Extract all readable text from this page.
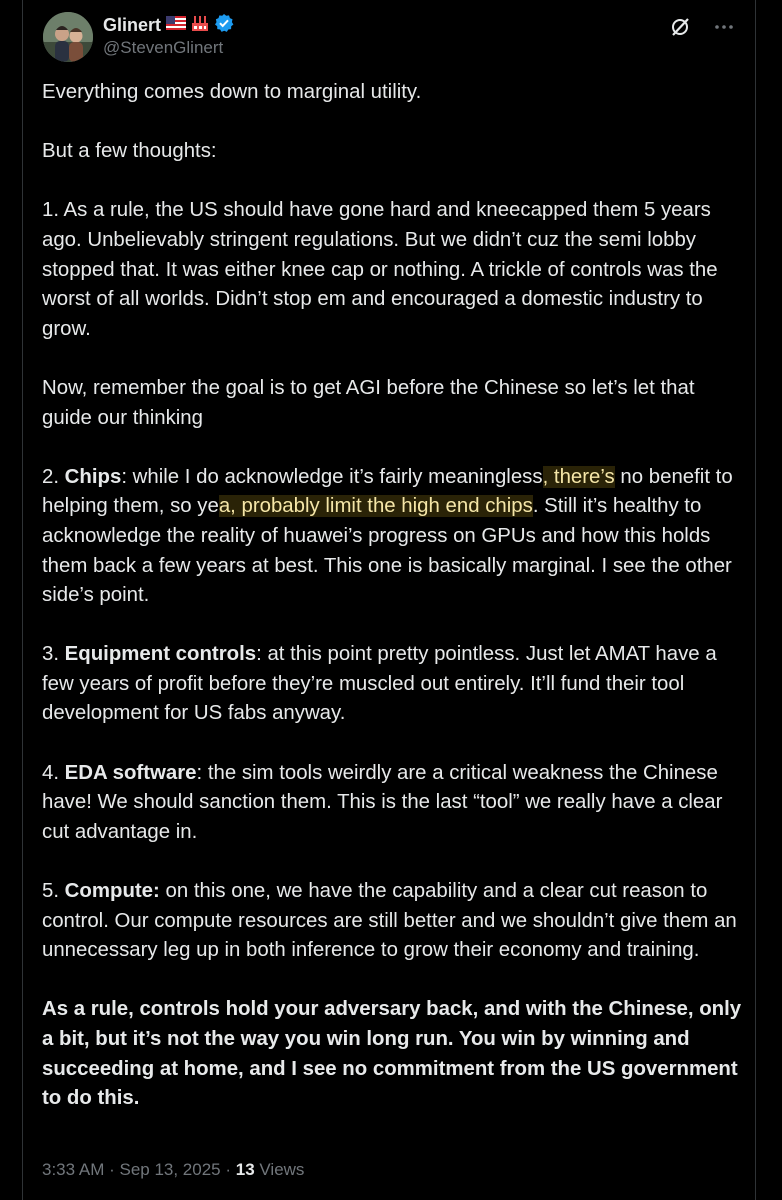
Glinert
@StevenGlinert

Everything comes down to marginal utility.

But a few thoughts:

1. As a rule, the US should have gone hard and kneecapped them 5 years ago. Unbelievably stringent regulations. But we didn’t cuz the semi lobby stopped that. It was either knee cap or nothing. A trickle of controls was the worst of all worlds. Didn’t stop em and encouraged a domestic industry to grow.

Now, remember the goal is to get AGI before the Chinese so let’s let that guide our thinking

2. Chips: while I do acknowledge it’s fairly meaningless, there’s no benefit to helping them, so yea, probably limit the high end chips. Still it’s healthy to acknowledge the reality of huawei’s progress on GPUs and how this holds them back a few years at best. This one is basically marginal. I see the other side’s point.

3. Equipment controls: at this point pretty pointless. Just let AMAT have a few years of profit before they’re muscled out entirely. It’ll fund their tool development for US fabs anyway.

4. EDA software: the sim tools weirdly are a critical weakness the Chinese have! We should sanction them. This is the last “tool” we really have a clear cut advantage in.

5. Compute: on this one, we have the capability and a clear cut reason to control. Our compute resources are still better and we shouldn’t give them an unnecessary leg up in both inference to grow their economy and training.

As a rule, controls hold your adversary back, and with the Chinese, only a bit, but it’s not the way you win long run. You win by winning and succeeding at home, and I see no commitment from the US government to do this.

3:33 AM · Sep 13, 2025 · 13 Views
